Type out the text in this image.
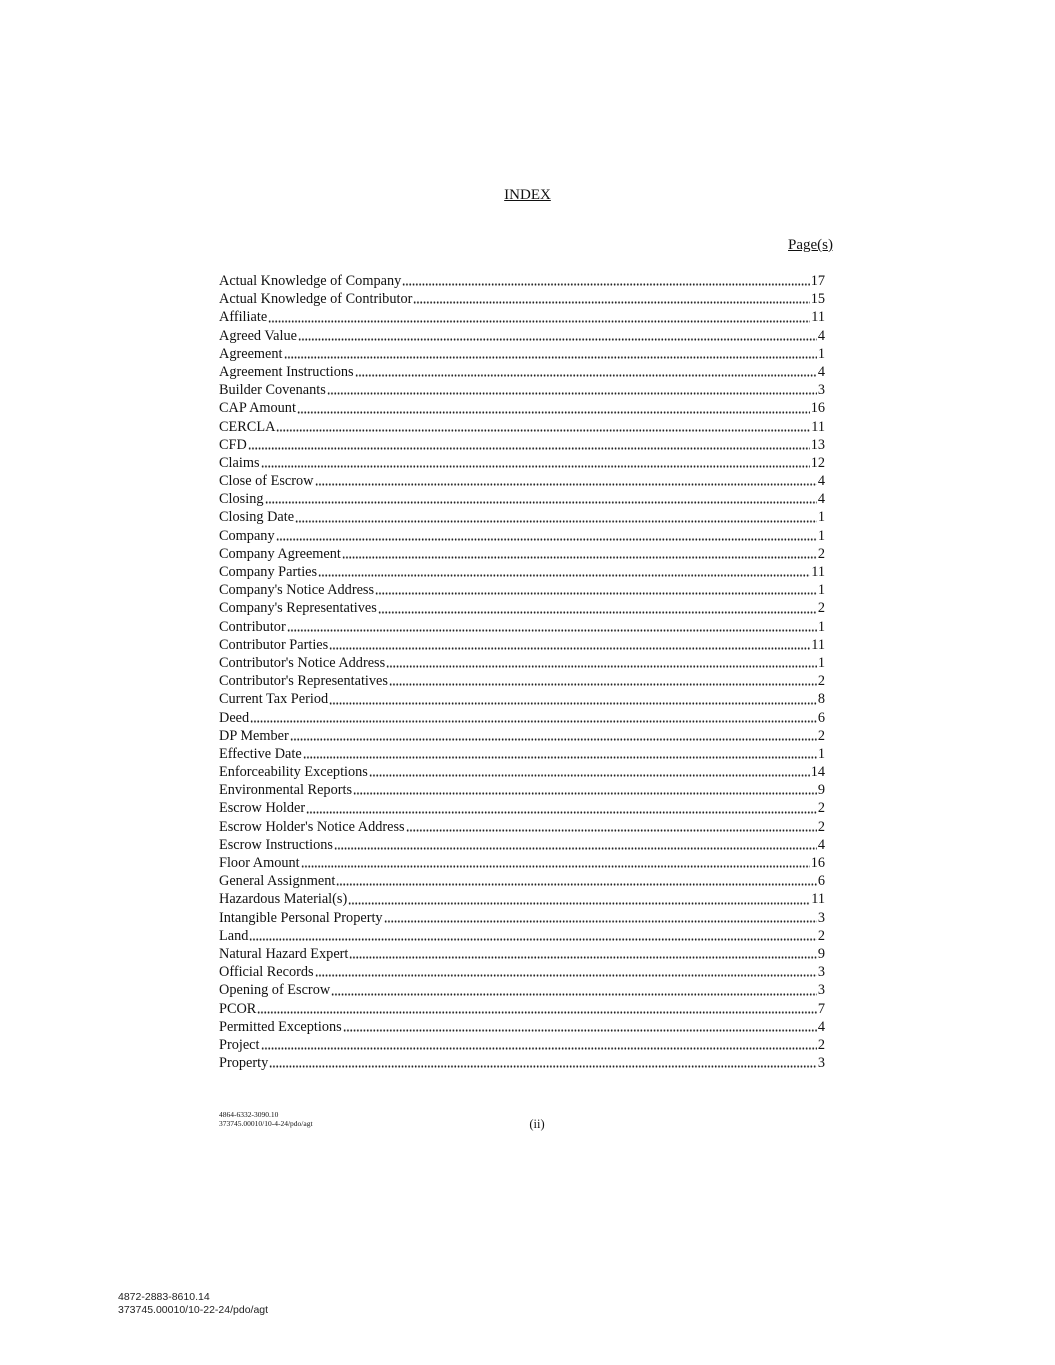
INDEX
Page(s)
Actual Knowledge of Company	17
Actual Knowledge of Contributor	15
Affiliate	11
Agreed Value	4
Agreement	1
Agreement Instructions	4
Builder Covenants	3
CAP Amount	16
CERCLA	11
CFD	13
Claims	12
Close of Escrow	4
Closing	4
Closing Date	1
Company	1
Company Agreement	2
Company Parties	11
Company's Notice Address	1
Company's Representatives	2
Contributor	1
Contributor Parties	11
Contributor's Notice Address	1
Contributor's Representatives	2
Current Tax Period	8
Deed	6
DP Member	2
Effective Date	1
Enforceability Exceptions	14
Environmental Reports	9
Escrow Holder	2
Escrow Holder's Notice Address	2
Escrow Instructions	4
Floor Amount	16
General Assignment	6
Hazardous Material(s)	11
Intangible Personal Property	3
Land	2
Natural Hazard Expert	9
Official Records	3
Opening of Escrow	3
PCOR	7
Permitted Exceptions	4
Project	2
Property	3
4864-6332-3090.10
373745.00010/10-4-24/pdo/agt	(ii)
4872-2883-8610.14
373745.00010/10-22-24/pdo/agt
